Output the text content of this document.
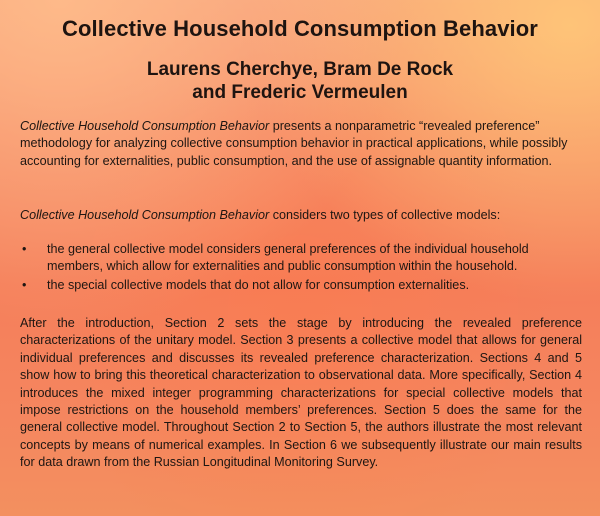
Collective Household Consumption Behavior
Laurens Cherchye, Bram De Rock
and Frederic Vermeulen
Collective Household Consumption Behavior presents a nonparametric “revealed preference” methodology for analyzing collective consumption behavior in practical applications, while possibly accounting for externalities, public consumption, and the use of assignable quantity information.
Collective Household Consumption Behavior considers two types of collective models:
• the general collective model considers general preferences of the individual household members, which allow for externalities and public consumption within the household.
• the special collective models that do not allow for consumption externalities.
After the introduction, Section 2 sets the stage by introducing the revealed preference characterizations of the unitary model. Section 3 presents a collective model that allows for general individual preferences and discusses its revealed preference characterization. Sections 4 and 5 show how to bring this theoretical characterization to observational data. More specifically, Section 4 introduces the mixed integer programming characterizations for special collective models that impose restrictions on the household members’ preferences. Section 5 does the same for the general collective model. Throughout Section 2 to Section 5, the authors illustrate the most relevant concepts by means of numerical examples. In Section 6 we subsequently illustrate our main results for data drawn from the Russian Longitudinal Monitoring Survey.
